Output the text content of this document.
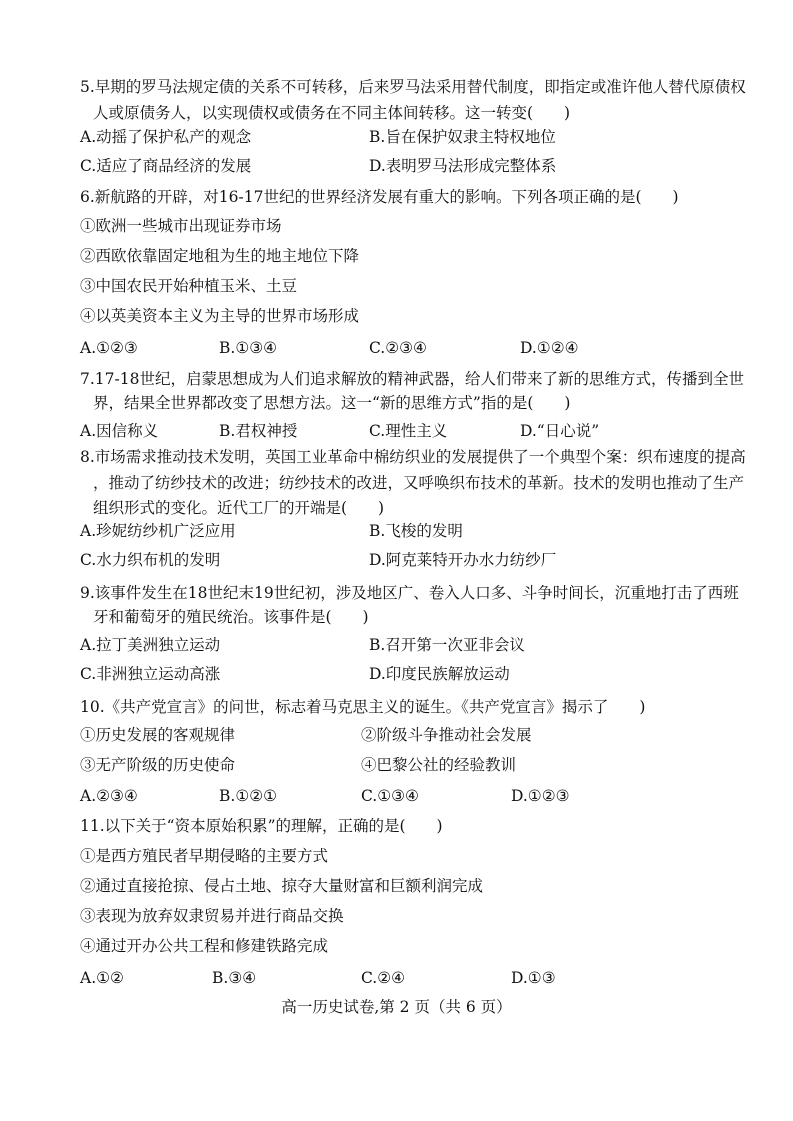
5.早期的罗马法规定债的关系不可转移，后来罗马法采用替代制度，即指定或准许他人替代原债权
人或原债务人，以实现债权或债务在不同主体间转移。这一转变(　　)
A.动摇了保护私产的观念	B.旨在保护奴隶主特权地位
C.适应了商品经济的发展	D.表明罗马法形成完整体系
6.新航路的开辟，对16-17世纪的世界经济发展有重大的影响。下列各项正确的是(　　)
①欧洲一些城市出现证券市场
②西欧依靠固定地租为生的地主地位下降
③中国农民开始种植玉米、土豆
④以英美资本主义为主导的世界市场形成
A.①②③	B.①③④	C.②③④	D.①②④
7.17-18世纪，启蒙思想成为人们追求解放的精神武器，给人们带来了新的思维方式，传播到全世
界，结果全世界都改变了思想方法。这一“新的思维方式”指的是(　　)
A.因信称义	B.君权神授	C.理性主义	D.“日心说”
8.市场需求推动技术发明，英国工业革命中棉纺织业的发展提供了一个典型个案：织布速度的提高
，推动了纺纱技术的改进；纺纱技术的改进，又呼唤织布技术的革新。技术的发明也推动了生产
组织形式的变化。近代工厂的开端是(　　)
A.珍妮纺纱机广泛应用	B.飞梭的发明
C.水力织布机的发明	D.阿克莱特开办水力纺纱厂
9.该事件发生在18世纪末19世纪初，涉及地区广、卷入人口多、斗争时间长，沉重地打击了西班
牙和葡萄牙的殖民统治。该事件是(　　)
A.拉丁美洲独立运动	B.召开第一次亚非会议
C.非洲独立运动高涨	D.印度民族解放运动
10.《共产党宣言》的问世，标志着马克思主义的诞生。《共产党宣言》揭示了　　)
①历史发展的客观规律	②阶级斗争推动社会发展
③无产阶级的历史使命	④巴黎公社的经验教训
A.②③④	B.①②①	C.①③④	D.①②③
11.以下关于“资本原始积累”的理解，正确的是(　　)
①是西方殖民者早期侵略的主要方式
②通过直接抢掠、侵占土地、掠夺大量财富和巨额利润完成
③表现为放弃奴隶贸易并进行商品交换
④通过开办公共工程和修建铁路完成
A.①②	B.③④	C.②④	D.①③
高一历史试卷,第 2 页（共 6 页）
